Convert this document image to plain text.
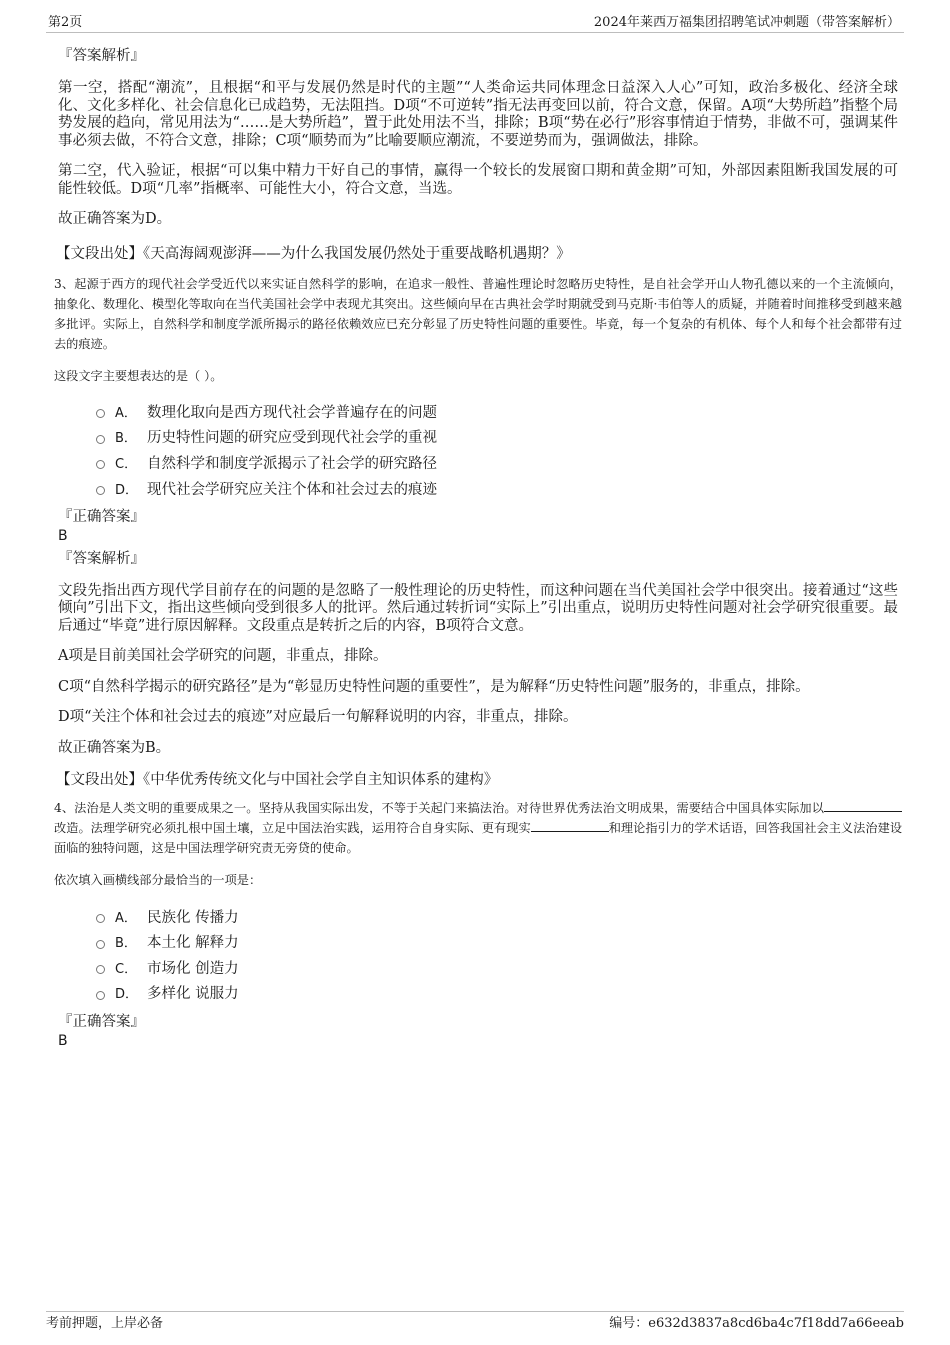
第2页	2024年莱西万福集团招聘笔试冲刺题（带答案解析）
『答案解析』

第一空，搭配“潮流”，且根据“和平与发展仍然是时代的主题”“人类命运共同体理念日益深入人心”可知，政治多极化、经济全球化、文化多样化、社会信息化已成趋势，无法阻挡。D项“不可逆转”指无法再变回以前，符合文意，保留。A项“大势所趋”指整个局势发展的趋向，常见用法为“……是大势所趋”，置于此处用法不当，排除；B项“势在必行”形容事情迫于情势，非做不可，强调某件事必须去做，不符合文意，排除；C项“顺势而为”比喻要顺应潮流，不要逆势而为，强调做法，排除。

第二空，代入验证，根据“可以集中精力干好自己的事情，赢得一个较长的发展窗口期和黄金期”可知，外部因素阻断我国发展的可能性较低。D项“几率”指概率、可能性大小，符合文意，当选。

故正确答案为D。

【文段出处】《天高海阔观澎湃——为什么我国发展仍然处于重要战略机遇期？》

3、起源于西方的现代社会学受近代以来实证自然科学的影响，在追求一般性、普遍性理论时忽略历史特性，是自社会学开山人物孔德以来的一个主流倾向，抽象化、数理化、模型化等取向在当代美国社会学中表现尤其突出。这些倾向早在古典社会学时期就受到马克斯·韦伯等人的质疑，并随着时间推移受到越来越多批评。实际上，自然科学和制度学派所揭示的路径依赖效应已充分彰显了历史特性问题的重要性。毕竟，每一个复杂的有机体、每个人和每个社会都带有过去的痕迹。

这段文字主要想表达的是（ ）。
A． 数理化取向是西方现代社会学普遍存在的问题
B． 历史特性问题的研究应受到现代社会学的重视
C． 自然科学和制度学派揭示了社会学的研究路径
D． 现代社会学研究应关注个体和社会过去的痕迹
『正确答案』
B
『答案解析』

文段先指出西方现代学目前存在的问题的是忽略了一般性理论的历史特性，而这种问题在当代美国社会学中很突出。接着通过“这些倾向”引出下文，指出这些倾向受到很多人的批评。然后通过转折词“实际上”引出重点，说明历史特性问题对社会学研究很重要。最后通过“毕竟”进行原因解释。文段重点是转折之后的内容，B项符合文意。

A项是目前美国社会学研究的问题，非重点，排除。

C项“自然科学揭示的研究路径”是为“彰显历史特性问题的重要性”，是为解释“历史特性问题”服务的，非重点，排除。

D项“关注个体和社会过去的痕迹”对应最后一句解释说明的内容，非重点，排除。

故正确答案为B。

【文段出处】《中华优秀传统文化与中国社会学自主知识体系的建构》

4、法治是人类文明的重要成果之一。坚持从我国实际出发，不等于关起门来搞法治。对待世界优秀法治文明成果，需要结合中国具体实际加以改造。法理学研究必须扎根中国土壤，立足中国法治实践，运用符合自身实际、更有现实	和理论指引力的学术话语，回答我国社会主义法治建设面临的独特问题，这是中国法理学研究责无旁贷的使命。

依次填入画横线部分最恰当的一项是：
A． 民族化 传播力
B． 本土化 解释力
C． 市场化 创造力
D． 多样化 说服力
『正确答案』
B
考前押题，上岸必备	编号：e632d3837a8cd6ba4c7f18dd7a66eeab
